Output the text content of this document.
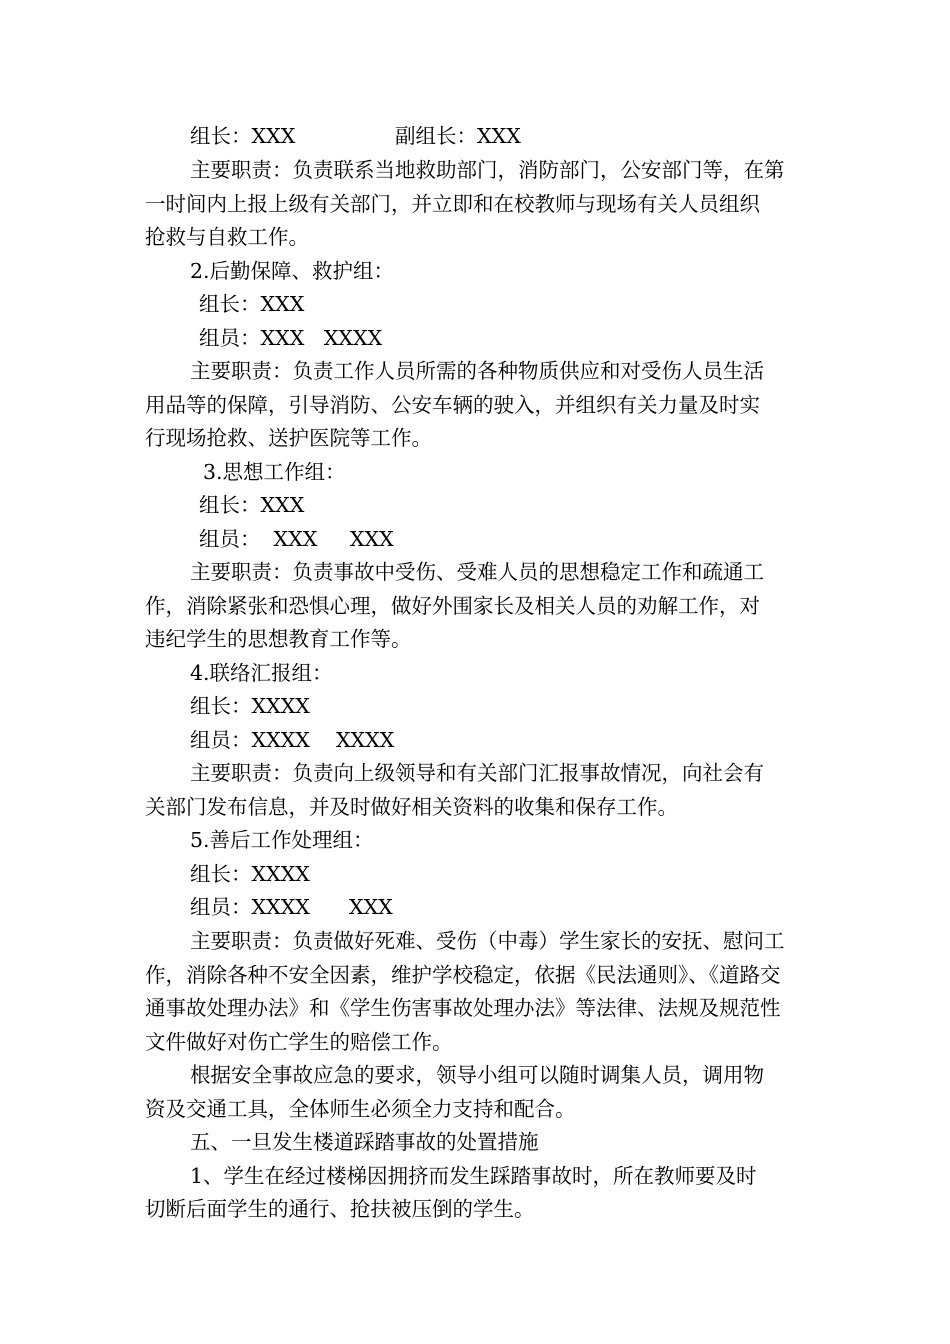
组长：XXX	副组长：XXX
主要职责：负责联系当地救助部门，消防部门，公安部门等，在第
一时间内上报上级有关部门，并立即和在校教师与现场有关人员组织
抢救与自救工作。
2.后勤保障、救护组：
组长：XXX
组员：XXX   XXXX
主要职责：负责工作人员所需的各种物质供应和对受伤人员生活
用品等的保障，引导消防、公安车辆的驶入，并组织有关力量及时实
行现场抢救、送护医院等工作。
3.思想工作组：
组长：XXX
组员：  XXX     XXX
主要职责：负责事故中受伤、受难人员的思想稳定工作和疏通工
作，消除紧张和恐惧心理，做好外围家长及相关人员的劝解工作，对
违纪学生的思想教育工作等。
4.联络汇报组：
组长：XXXX
组员：XXXX    XXXX
主要职责：负责向上级领导和有关部门汇报事故情况，向社会有
关部门发布信息，并及时做好相关资料的收集和保存工作。
5.善后工作处理组：
组长：XXXX
组员：XXXX      XXX
主要职责：负责做好死难、受伤（中毒）学生家长的安抚、慰问工
作，消除各种不安全因素，维护学校稳定，依据《民法通则》、《道路交
通事故处理办法》和《学生伤害事故处理办法》等法律、法规及规范性
文件做好对伤亡学生的赔偿工作。
根据安全事故应急的要求，领导小组可以随时调集人员，调用物
资及交通工具，全体师生必须全力支持和配合。
五、一旦发生楼道踩踏事故的处置措施
1、学生在经过楼梯因拥挤而发生踩踏事故时，所在教师要及时
切断后面学生的通行、抢扶被压倒的学生。
